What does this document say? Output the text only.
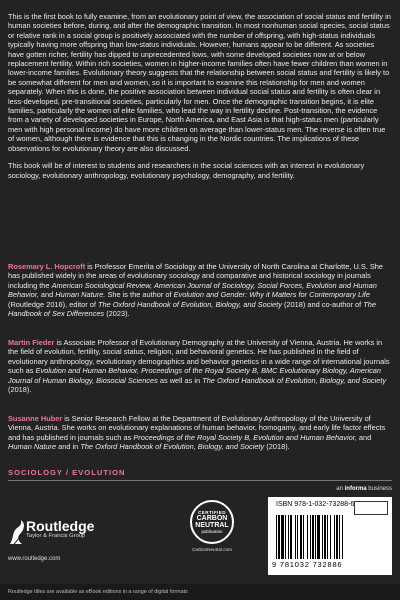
This is the first book to fully examine, from an evolutionary point of view, the association of social status and fertility in human societies before, during, and after the demographic transition. In most nonhuman social species, social status or relative rank in a social group is positively associated with the number of offspring, with high-status individuals typically having more offspring than low-status individuals. However, humans appear to be different. As societies have gotten richer, fertility has dipped to unprecedented lows, with some developed societies now at or below replacement fertility. Within rich societies, women in higher-income families often have fewer children than women in lower-income families. Evolutionary theory suggests that the relationship between social status and fertility is likely to be somewhat different for men and women, so it is important to examine this relationship for men and women separately. When this is done, the positive association between individual social status and fertility is often clear in less-developed, pre-transitional societies, particularly for men. Once the demographic transition begins, it is elite families, particularly the women of elite families, who lead the way in fertility decline. Post-transition, the evidence from a variety of developed societies in Europe, North America, and East Asia is that high-status men (particularly men with high personal income) do have more children on average than lower-status men. The reverse is often true of women, although there is evidence that this is changing in the Nordic countries. The implications of these observations for evolutionary theory are also discussed.

This book will be of interest to students and researchers in the social sciences with an interest in evolutionary sociology, evolutionary anthropology, evolutionary psychology, demography, and fertility.

Rosemary L. Hopcroft is Professor Emerita of Sociology at the University of North Carolina at Charlotte, U.S. She has published widely in the areas of evolutionary sociology and comparative and historical sociology in journals including the American Sociological Review, American Journal of Sociology, Social Forces, Evolution and Human Behavior, and Human Nature. She is the author of Evolution and Gender: Why it Matters for Contemporary Life (Routledge 2016), editor of The Oxford Handbook of Evolution, Biology, and Society (2018) and co-author of The Handbook of Sex Differences (2023).
Martin Fieder is Associate Professor of Evolutionary Demography at the University of Vienna, Austria. He works in the field of evolution, fertility, social status, religion, and behavioral genetics. He has published in the field of evolutionary anthropology, evolutionary demographics and behavior genetics in a wide range of international journals such as Evolution and Human Behavior, Proceedings of the Royal Society B, BMC Evolutionary Biology, American Journal of Human Biology, Biosocial Sciences as well as in The Oxford Handbook of Evolution, Biology, and Society (2018).
Susanne Huber is Senior Research Fellow at the Department of Evolutionary Anthropology of the University of Vienna, Austria. She works on evolutionary explanations of human behavior, homogamy, and early life factor effects and has published in journals such as Proceedings of the Royal Society B, Evolution and Human Behavior, and Human Nature and in The Oxford Handbook of Evolution, Biology, and Society (2018).
SOCIOLOGY / EVOLUTION
an informa business
Routledge
Taylor & Francis Group
www.routledge.com
CERTIFIED
CARBON
NEUTRAL
publication
CarbonNeutral.com
ISBN 978-1-032-73288-6
9 781032 732886
Routledge titles are available as eBook editions in a range of digital formats
